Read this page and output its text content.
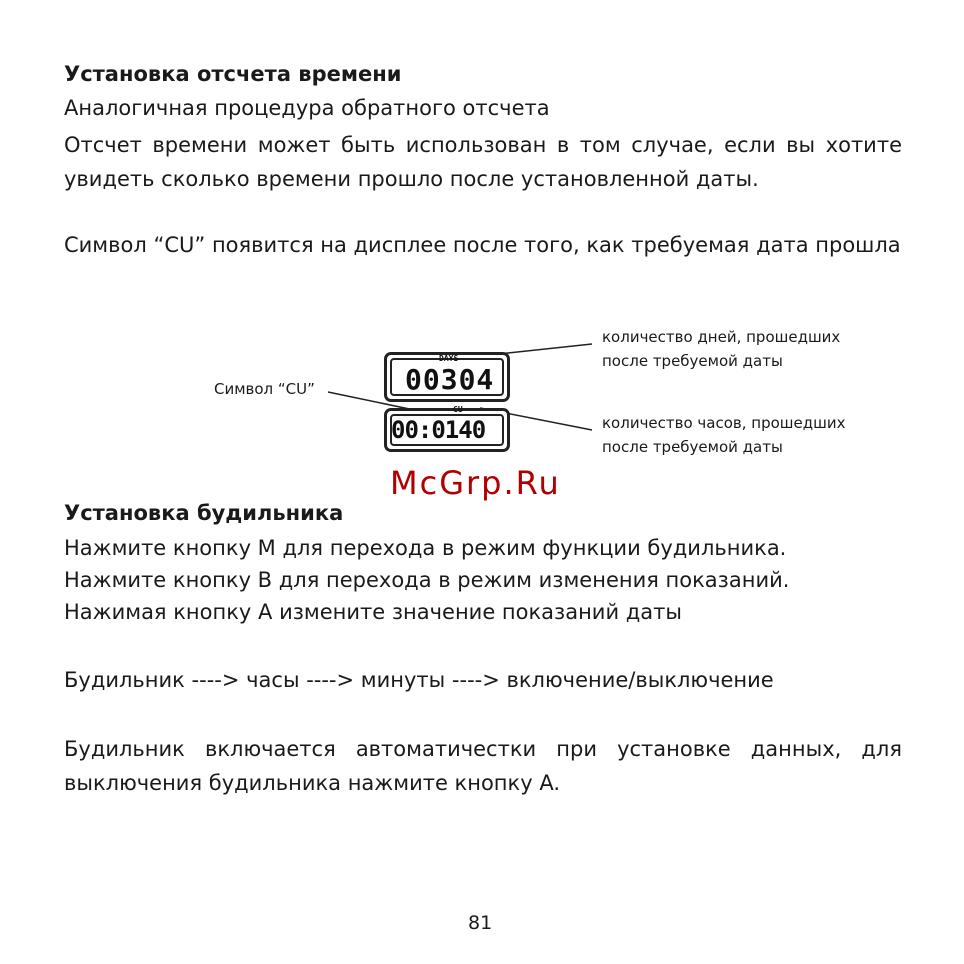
Установка отсчета времени
Аналогичная процедура обратного отсчета
Отсчет времени может быть использован в том случае, если вы хотите увидеть сколько времени прошло после установленной даты.
Символ “CU” появится на дисплее после того, как требуемая дата прошла
DAYS
00304
CU
00:0140
Символ “CU”
количество дней, прошедших
после требуемой даты
количество часов, прошедших
после требуемой даты
McGrp.Ru
Установка будильника
Нажмите кнопку M для перехода в режим функции будильника.
Нажмите кнопку B для перехода в режим изменения показаний.
Нажимая кнопку A измените значение показаний даты
Будильник ----> часы ----> минуты ----> включение/выключение
Будильник включается автоматичестки при установке данных, для выключения будильника нажмите кнопку A.
81
